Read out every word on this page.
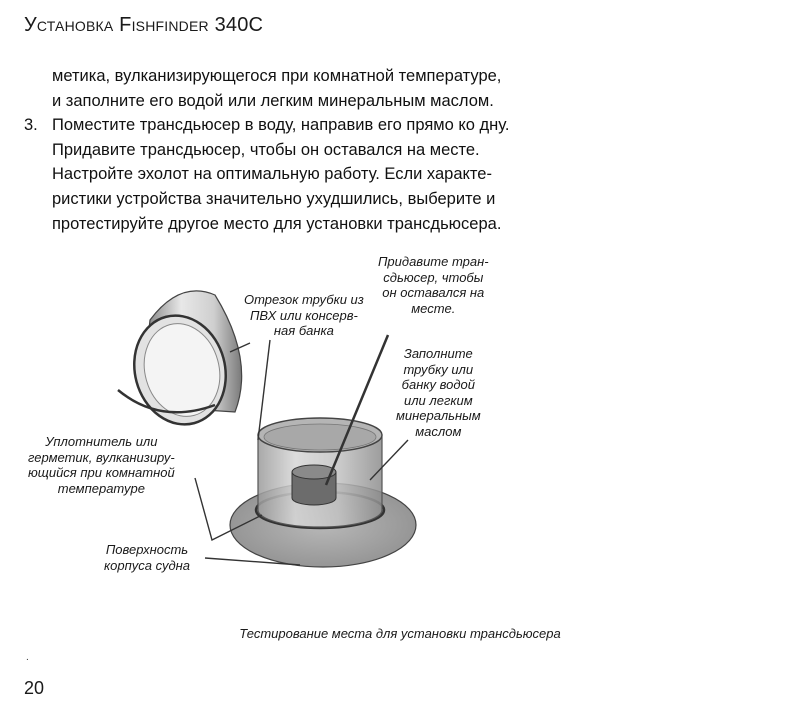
Установка Fishfinder 340C
метика, вулканизирующегося при комнатной температуре,
и заполните его водой или легким минеральным маслом.
3. Поместите трансдьюсер в воду, направив его прямо ко дну.
Придавите трансдьюсер, чтобы он оставался на месте.
Настройте эхолот на оптимальную работу. Если характе-
ристики устройства значительно ухудшились, выберите и
протестируйте другое место для установки трансдьюсера.
Придавите тран-
сдьюсер, чтобы
он оставался на
месте.
Отрезок трубки из
ПВХ или консерв-
ная банка
Заполните
трубку или
банку водой
или легким
минеральным
маслом
Уплотнитель или
герметик, вулканизиру-
ющийся при комнатной
температуре
Поверхность
корпуса судна
Тестирование места для установки трансдьюсера
.
20
